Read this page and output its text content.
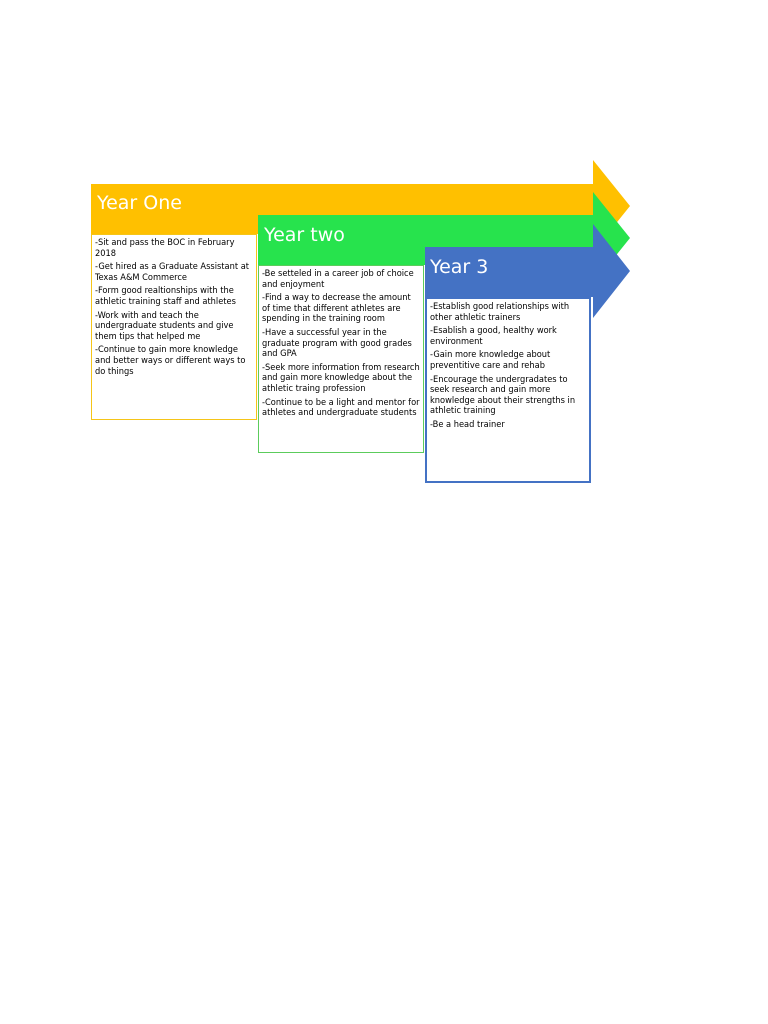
Year One
Year two
Year 3
-Sit and pass the BOC in February 2018
-Get hired as a Graduate Assistant at Texas A&M Commerce
-Form good realtionships with the athletic training staff and athletes
-Work with and teach the undergraduate students and give them tips that helped me
-Continue to gain more knowledge and better ways or different ways to do things
-Be setteled in a career job of choice and enjoyment
-Find a way to decrease the amount of time that different athletes are spending in the training room
-Have a successful year in the graduate program with good grades and GPA
-Seek more information from research and gain more knowledge about the athletic traing profession
-Continue to be a light and mentor for athletes and undergraduate students
-Establish good relationships with other athletic trainers
-Esablish a good, healthy work environment
-Gain more knowledge about preventitive care and rehab
-Encourage the undergradates to seek research and gain more knowledge about their strengths in athletic training
-Be a head trainer
